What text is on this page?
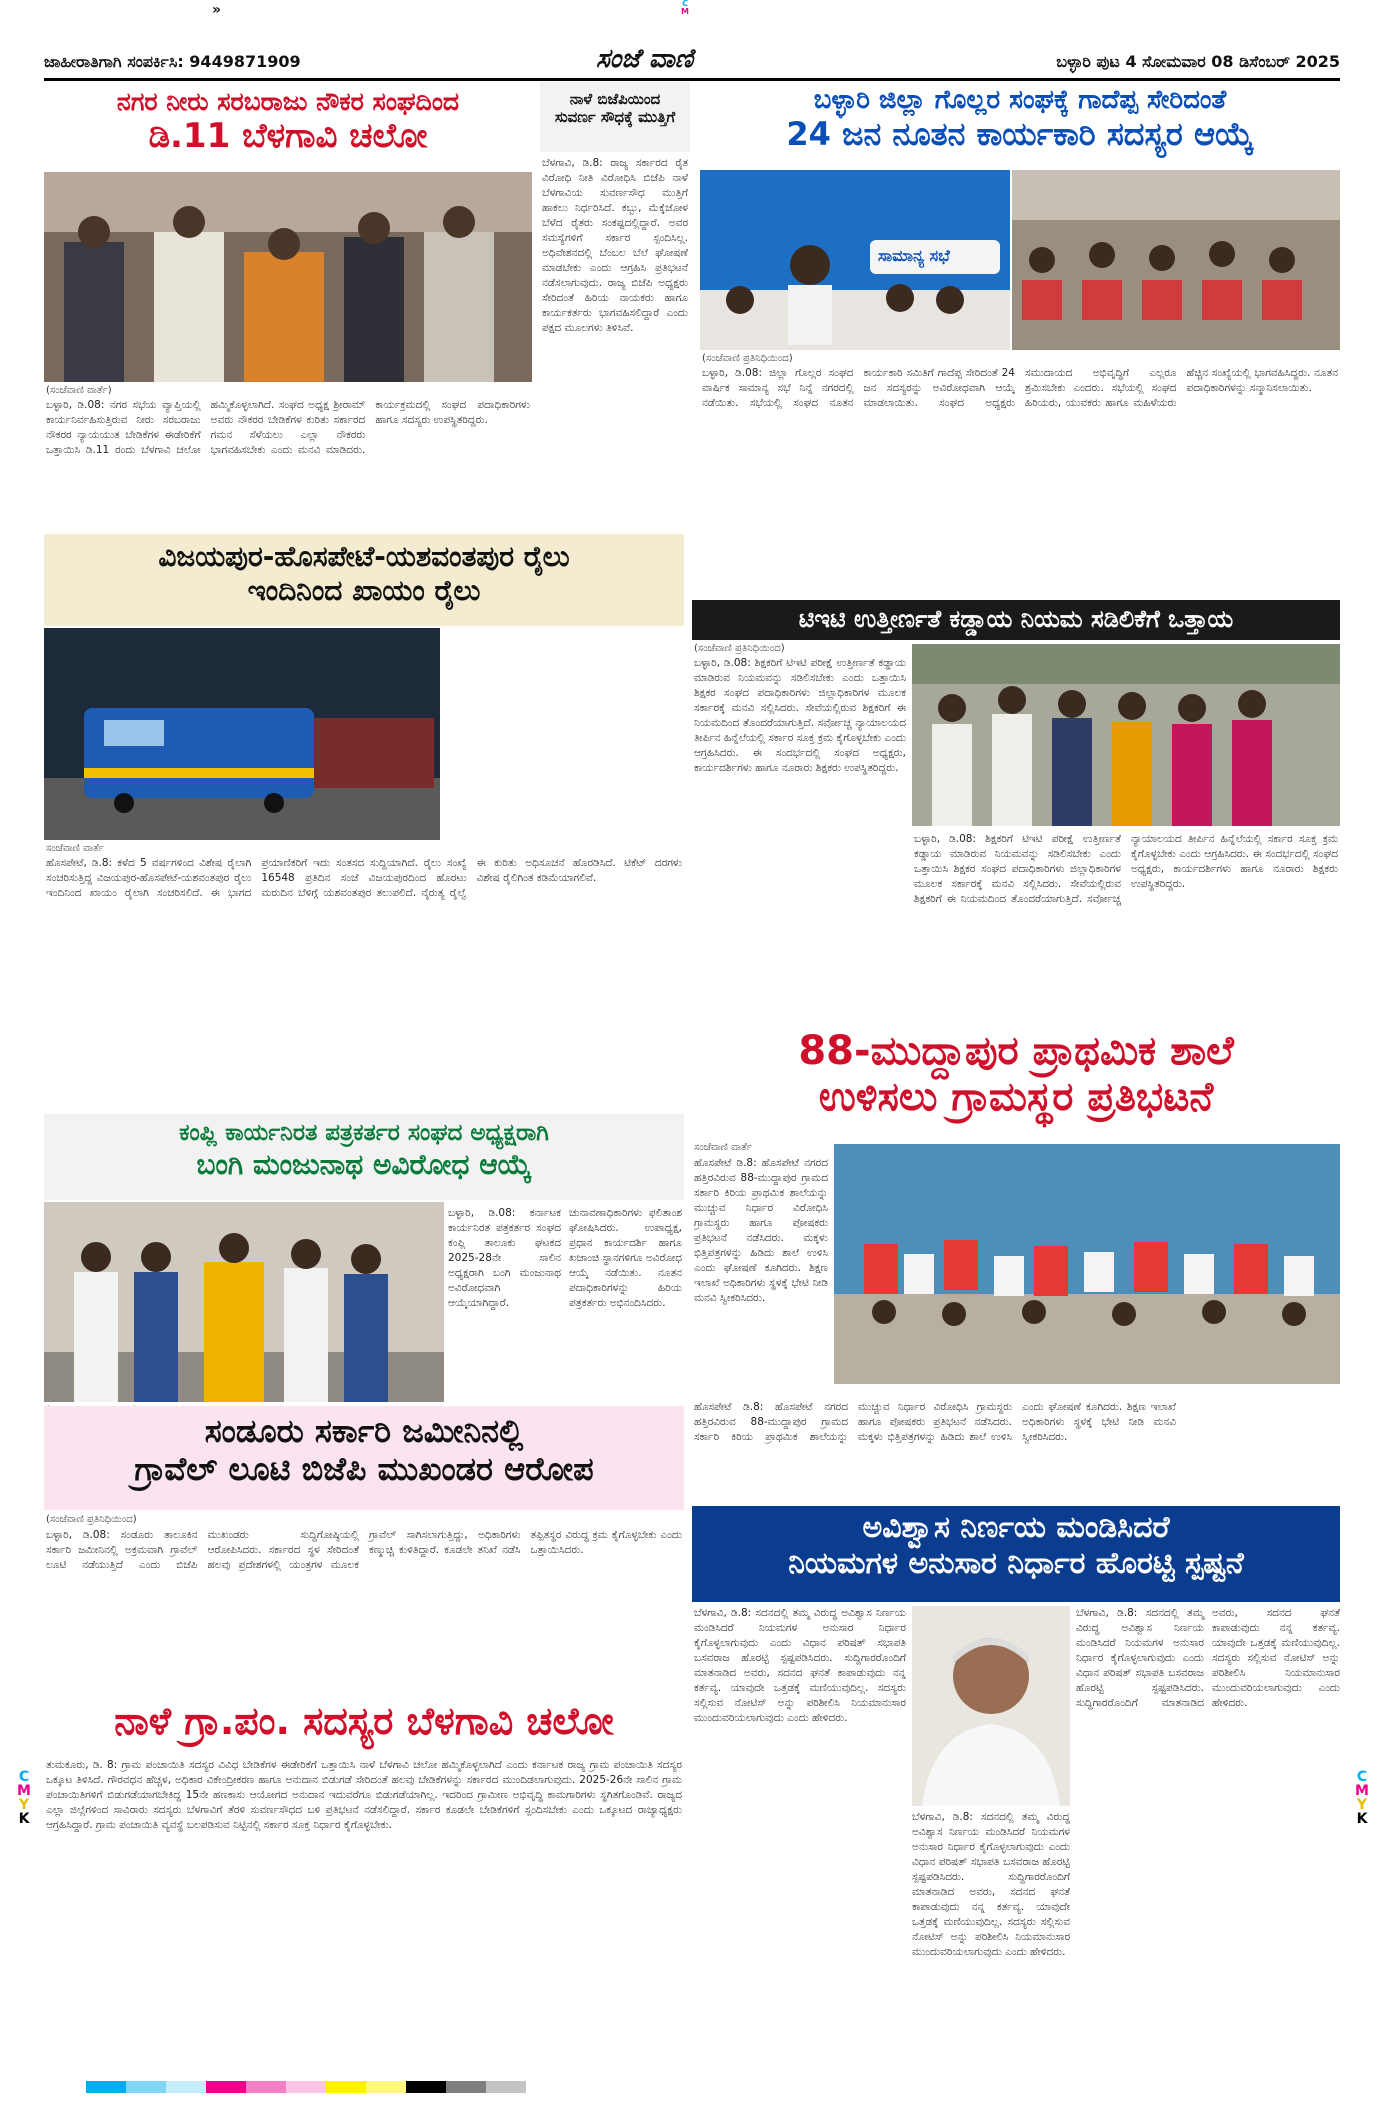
»	C
M
C
M
Y
K
C
M
Y
K
ಜಾಹೀರಾತಿಗಾಗಿ ಸಂಪರ್ಕಿಸಿ: 9449871909	ಸಂಜೆ ವಾಣಿ	ಬಳ್ಳಾರಿ ಪುಟ 4 ಸೋಮವಾರ 08 ಡಿಸೆಂಬರ್ 2025
ನಗರ ನೀರು ಸರಬರಾಜು ನೌಕರ ಸಂಘದಿಂದ
ಡಿ.11 ಬೆಳಗಾವಿ ಚಲೋ
(ಸಂಜೆವಾಣಿ ವಾರ್ತೆ)
ಬಳ್ಳಾರಿ, ಡಿ.08: ನಗರ ಸಭೆಯ ವ್ಯಾಪ್ತಿಯಲ್ಲಿ ಕಾರ್ಯನಿರ್ವಹಿಸುತ್ತಿರುವ ನೀರು ಸರಬರಾಜು ನೌಕರರ ನ್ಯಾಯಯುತ ಬೇಡಿಕೆಗಳ ಈಡೇರಿಕೆಗೆ ಒತ್ತಾಯಿಸಿ ಡಿ.11 ರಂದು ಬೆಳಗಾವಿ ಚಲೋ ಹಮ್ಮಿಕೊಳ್ಳಲಾಗಿದೆ. ಸಂಘದ ಅಧ್ಯಕ್ಷ ಶ್ರೀರಾಮ್ ಅವರು ನೌಕರರ ಬೇಡಿಕೆಗಳ ಕುರಿತು ಸರ್ಕಾರದ ಗಮನ ಸೆಳೆಯಲು ಎಲ್ಲಾ ನೌಕರರು ಭಾಗವಹಿಸಬೇಕು ಎಂದು ಮನವಿ ಮಾಡಿದರು. ಕಾರ್ಯಕ್ರಮದಲ್ಲಿ ಸಂಘದ ಪದಾಧಿಕಾರಿಗಳು ಹಾಗೂ ಸದಸ್ಯರು ಉಪಸ್ಥಿತರಿದ್ದರು.
ನಾಳೆ ಬಿಜೆಪಿಯಿಂದ
ಸುವರ್ಣ ಸೌಧಕ್ಕೆ ಮುತ್ತಿಗೆ
ಬೆಳಗಾವಿ, ಡಿ.8: ರಾಜ್ಯ ಸರ್ಕಾರದ ರೈತ ವಿರೋಧಿ ನೀತಿ ವಿರೋಧಿಸಿ ಬಿಜೆಪಿ ನಾಳೆ ಬೆಳಗಾವಿಯ ಸುವರ್ಣಸೌಧ ಮುತ್ತಿಗೆ ಹಾಕಲು ನಿರ್ಧರಿಸಿದೆ. ಕಬ್ಬು, ಮೆಕ್ಕೆಜೋಳ ಬೆಳೆದ ರೈತರು ಸಂಕಷ್ಟದಲ್ಲಿದ್ದಾರೆ. ಅವರ ಸಮಸ್ಯೆಗಳಿಗೆ ಸರ್ಕಾರ ಸ್ಪಂದಿಸಿಲ್ಲ. ಅಧಿವೇಶನದಲ್ಲಿ ಬೆಂಬಲ ಬೆಲೆ ಘೋಷಣೆ ಮಾಡಬೇಕು ಎಂದು ಆಗ್ರಹಿಸಿ ಪ್ರತಿಭಟನೆ ನಡೆಸಲಾಗುವುದು. ರಾಜ್ಯ ಬಿಜೆಪಿ ಅಧ್ಯಕ್ಷರು ಸೇರಿದಂತೆ ಹಿರಿಯ ನಾಯಕರು ಹಾಗೂ ಕಾರ್ಯಕರ್ತರು ಭಾಗವಹಿಸಲಿದ್ದಾರೆ ಎಂದು ಪಕ್ಷದ ಮೂಲಗಳು ತಿಳಿಸಿವೆ.
ಬಳ್ಳಾರಿ ಜಿಲ್ಲಾ ಗೊಲ್ಲರ ಸಂಘಕ್ಕೆ ಗಾದೆಪ್ಪ ಸೇರಿದಂತೆ
24 ಜನ ನೂತನ ಕಾರ್ಯಕಾರಿ ಸದಸ್ಯರ ಆಯ್ಕೆ
ಸಾಮಾನ್ಯ ಸಭೆ
(ಸಂಜೆವಾಣಿ ಪ್ರತಿನಿಧಿಯಿಂದ)
ಬಳ್ಳಾರಿ, ಡಿ.08: ಜಿಲ್ಲಾ ಗೊಲ್ಲರ ಸಂಘದ ವಾರ್ಷಿಕ ಸಾಮಾನ್ಯ ಸಭೆ ನಿನ್ನೆ ನಗರದಲ್ಲಿ ನಡೆಯಿತು. ಸಭೆಯಲ್ಲಿ ಸಂಘದ ನೂತನ ಕಾರ್ಯಕಾರಿ ಸಮಿತಿಗೆ ಗಾದೆಪ್ಪ ಸೇರಿದಂತೆ 24 ಜನ ಸದಸ್ಯರನ್ನು ಅವಿರೋಧವಾಗಿ ಆಯ್ಕೆ ಮಾಡಲಾಯಿತು. ಸಂಘದ ಅಧ್ಯಕ್ಷರು ಸಮುದಾಯದ ಅಭಿವೃದ್ಧಿಗೆ ಎಲ್ಲರೂ ಶ್ರಮಿಸಬೇಕು ಎಂದರು. ಸಭೆಯಲ್ಲಿ ಸಂಘದ ಹಿರಿಯರು, ಯುವಕರು ಹಾಗೂ ಮಹಿಳೆಯರು ಹೆಚ್ಚಿನ ಸಂಖ್ಯೆಯಲ್ಲಿ ಭಾಗವಹಿಸಿದ್ದರು. ನೂತನ ಪದಾಧಿಕಾರಿಗಳನ್ನು ಸನ್ಮಾನಿಸಲಾಯಿತು.
ವಿಜಯಪುರ-ಹೊಸಪೇಟೆ-ಯಶವಂತಪುರ ರೈಲು
ಇಂದಿನಿಂದ ಖಾಯಂ ರೈಲು
ಸಂಜೆವಾಣಿ ವಾರ್ತೆ
ಹೊಸಪೇಟೆ, ಡಿ.8: ಕಳೆದ 5 ವರ್ಷಗಳಿಂದ ವಿಶೇಷ ರೈಲಾಗಿ ಸಂಚರಿಸುತ್ತಿದ್ದ ವಿಜಯಪುರ-ಹೊಸಪೇಟೆ-ಯಶವಂತಪುರ ರೈಲು ಇಂದಿನಿಂದ ಖಾಯಂ ರೈಲಾಗಿ ಸಂಚರಿಸಲಿದೆ. ಈ ಭಾಗದ ಪ್ರಯಾಣಿಕರಿಗೆ ಇದು ಸಂತಸದ ಸುದ್ದಿಯಾಗಿದೆ. ರೈಲು ಸಂಖ್ಯೆ 16548 ಪ್ರತಿದಿನ ಸಂಜೆ ವಿಜಯಪುರದಿಂದ ಹೊರಟು ಮರುದಿನ ಬೆಳಿಗ್ಗೆ ಯಶವಂತಪುರ ತಲುಪಲಿದೆ. ನೈರುತ್ಯ ರೈಲ್ವೆ ಈ ಕುರಿತು ಅಧಿಸೂಚನೆ ಹೊರಡಿಸಿದೆ. ಟಿಕೆಟ್ ದರಗಳು ವಿಶೇಷ ರೈಲಿಗಿಂತ ಕಡಿಮೆಯಾಗಲಿವೆ.
ಟಿಇಟಿ ಉತ್ತೀರ್ಣತೆ ಕಡ್ಡಾಯ ನಿಯಮ ಸಡಿಲಿಕೆಗೆ ಒತ್ತಾಯ
(ಸಂಜೆವಾಣಿ ಪ್ರತಿನಿಧಿಯಿಂದ)
ಬಳ್ಳಾರಿ, ಡಿ.08: ಶಿಕ್ಷಕರಿಗೆ ಟಿಇಟಿ ಪರೀಕ್ಷೆ ಉತ್ತೀರ್ಣತೆ ಕಡ್ಡಾಯ ಮಾಡಿರುವ ನಿಯಮವನ್ನು ಸಡಿಲಿಸಬೇಕು ಎಂದು ಒತ್ತಾಯಿಸಿ ಶಿಕ್ಷಕರ ಸಂಘದ ಪದಾಧಿಕಾರಿಗಳು ಜಿಲ್ಲಾಧಿಕಾರಿಗಳ ಮೂಲಕ ಸರ್ಕಾರಕ್ಕೆ ಮನವಿ ಸಲ್ಲಿಸಿದರು. ಸೇವೆಯಲ್ಲಿರುವ ಶಿಕ್ಷಕರಿಗೆ ಈ ನಿಯಮದಿಂದ ತೊಂದರೆಯಾಗುತ್ತಿದೆ. ಸರ್ವೋಚ್ಚ ನ್ಯಾಯಾಲಯದ ತೀರ್ಪಿನ ಹಿನ್ನೆಲೆಯಲ್ಲಿ ಸರ್ಕಾರ ಸೂಕ್ತ ಕ್ರಮ ಕೈಗೊಳ್ಳಬೇಕು ಎಂದು ಆಗ್ರಹಿಸಿದರು. ಈ ಸಂದರ್ಭದಲ್ಲಿ ಸಂಘದ ಅಧ್ಯಕ್ಷರು, ಕಾರ್ಯದರ್ಶಿಗಳು ಹಾಗೂ ನೂರಾರು ಶಿಕ್ಷಕರು ಉಪಸ್ಥಿತರಿದ್ದರು.
ಬಳ್ಳಾರಿ, ಡಿ.08: ಶಿಕ್ಷಕರಿಗೆ ಟಿಇಟಿ ಪರೀಕ್ಷೆ ಉತ್ತೀರ್ಣತೆ ಕಡ್ಡಾಯ ಮಾಡಿರುವ ನಿಯಮವನ್ನು ಸಡಿಲಿಸಬೇಕು ಎಂದು ಒತ್ತಾಯಿಸಿ ಶಿಕ್ಷಕರ ಸಂಘದ ಪದಾಧಿಕಾರಿಗಳು ಜಿಲ್ಲಾಧಿಕಾರಿಗಳ ಮೂಲಕ ಸರ್ಕಾರಕ್ಕೆ ಮನವಿ ಸಲ್ಲಿಸಿದರು. ಸೇವೆಯಲ್ಲಿರುವ ಶಿಕ್ಷಕರಿಗೆ ಈ ನಿಯಮದಿಂದ ತೊಂದರೆಯಾಗುತ್ತಿದೆ. ಸರ್ವೋಚ್ಚ ನ್ಯಾಯಾಲಯದ ತೀರ್ಪಿನ ಹಿನ್ನೆಲೆಯಲ್ಲಿ ಸರ್ಕಾರ ಸೂಕ್ತ ಕ್ರಮ ಕೈಗೊಳ್ಳಬೇಕು ಎಂದು ಆಗ್ರಹಿಸಿದರು. ಈ ಸಂದರ್ಭದಲ್ಲಿ ಸಂಘದ ಅಧ್ಯಕ್ಷರು, ಕಾರ್ಯದರ್ಶಿಗಳು ಹಾಗೂ ನೂರಾರು ಶಿಕ್ಷಕರು ಉಪಸ್ಥಿತರಿದ್ದರು.
ಕಂಪ್ಲಿ ಕಾರ್ಯನಿರತ ಪತ್ರಕರ್ತರ ಸಂಘದ ಅಧ್ಯಕ್ಷರಾಗಿ
ಬಂಗಿ ಮಂಜುನಾಥ ಅವಿರೋಧ ಆಯ್ಕೆ
ಬಳ್ಳಾರಿ, ಡಿ.08: ಕರ್ನಾಟಕ ಕಾರ್ಯನಿರತ ಪತ್ರಕರ್ತರ ಸಂಘದ ಕಂಪ್ಲಿ ತಾಲೂಕು ಘಟಕದ 2025-28ನೇ ಸಾಲಿನ ಅಧ್ಯಕ್ಷರಾಗಿ ಬಂಗಿ ಮಂಜುನಾಥ ಅವಿರೋಧವಾಗಿ ಆಯ್ಕೆಯಾಗಿದ್ದಾರೆ. ಚುನಾವಣಾಧಿಕಾರಿಗಳು ಫಲಿತಾಂಶ ಘೋಷಿಸಿದರು. ಉಪಾಧ್ಯಕ್ಷ, ಪ್ರಧಾನ ಕಾರ್ಯದರ್ಶಿ ಹಾಗೂ ಖಜಾಂಚಿ ಸ್ಥಾನಗಳಿಗೂ ಅವಿರೋಧ ಆಯ್ಕೆ ನಡೆಯಿತು. ನೂತನ ಪದಾಧಿಕಾರಿಗಳನ್ನು ಹಿರಿಯ ಪತ್ರಕರ್ತರು ಅಭಿನಂದಿಸಿದರು.
88-ಮುದ್ದಾಪುರ ಪ್ರಾಥಮಿಕ ಶಾಲೆ
ಉಳಿಸಲು ಗ್ರಾಮಸ್ಥರ ಪ್ರತಿಭಟನೆ
ಸಂಜೆವಾಣಿ ವಾರ್ತೆ
ಹೊಸಪೇಟೆ ಡಿ.8: ಹೊಸಪೇಟೆ ನಗರದ ಹತ್ತಿರವಿರುವ 88-ಮುದ್ದಾಪುರ ಗ್ರಾಮದ ಸರ್ಕಾರಿ ಕಿರಿಯ ಪ್ರಾಥಮಿಕ ಶಾಲೆಯನ್ನು ಮುಚ್ಚುವ ನಿರ್ಧಾರ ವಿರೋಧಿಸಿ ಗ್ರಾಮಸ್ಥರು ಹಾಗೂ ಪೋಷಕರು ಪ್ರತಿಭಟನೆ ನಡೆಸಿದರು. ಮಕ್ಕಳು ಭಿತ್ತಿಪತ್ರಗಳನ್ನು ಹಿಡಿದು ಶಾಲೆ ಉಳಿಸಿ ಎಂದು ಘೋಷಣೆ ಕೂಗಿದರು. ಶಿಕ್ಷಣ ಇಲಾಖೆ ಅಧಿಕಾರಿಗಳು ಸ್ಥಳಕ್ಕೆ ಭೇಟಿ ನೀಡಿ ಮನವಿ ಸ್ವೀಕರಿಸಿದರು.
ಹೊಸಪೇಟೆ ಡಿ.8: ಹೊಸಪೇಟೆ ನಗರದ ಹತ್ತಿರವಿರುವ 88-ಮುದ್ದಾಪುರ ಗ್ರಾಮದ ಸರ್ಕಾರಿ ಕಿರಿಯ ಪ್ರಾಥಮಿಕ ಶಾಲೆಯನ್ನು ಮುಚ್ಚುವ ನಿರ್ಧಾರ ವಿರೋಧಿಸಿ ಗ್ರಾಮಸ್ಥರು ಹಾಗೂ ಪೋಷಕರು ಪ್ರತಿಭಟನೆ ನಡೆಸಿದರು. ಮಕ್ಕಳು ಭಿತ್ತಿಪತ್ರಗಳನ್ನು ಹಿಡಿದು ಶಾಲೆ ಉಳಿಸಿ ಎಂದು ಘೋಷಣೆ ಕೂಗಿದರು. ಶಿಕ್ಷಣ ಇಲಾಖೆ ಅಧಿಕಾರಿಗಳು ಸ್ಥಳಕ್ಕೆ ಭೇಟಿ ನೀಡಿ ಮನವಿ ಸ್ವೀಕರಿಸಿದರು.
ಸಂಡೂರು ಸರ್ಕಾರಿ ಜಮೀನಿನಲ್ಲಿ
ಗ್ರಾವೆಲ್ ಲೂಟಿ ಬಿಜೆಪಿ ಮುಖಂಡರ ಆರೋಪ
(ಸಂಜೆವಾಣಿ ಪ್ರತಿನಿಧಿಯಿಂದ)
ಬಳ್ಳಾರಿ, ಡಿ.08: ಸಂಡೂರು ತಾಲೂಕಿನ ಸರ್ಕಾರಿ ಜಮೀನಿನಲ್ಲಿ ಅಕ್ರಮವಾಗಿ ಗ್ರಾವೆಲ್ ಲೂಟಿ ನಡೆಯುತ್ತಿದೆ ಎಂದು ಬಿಜೆಪಿ ಮುಖಂಡರು ಸುದ್ದಿಗೋಷ್ಠಿಯಲ್ಲಿ ಆರೋಪಿಸಿದರು. ಸರ್ಕಾರದ ಸ್ಥಳ ಸೇರಿದಂತೆ ಹಲವು ಪ್ರದೇಶಗಳಲ್ಲಿ ಯಂತ್ರಗಳ ಮೂಲಕ ಗ್ರಾವೆಲ್ ಸಾಗಿಸಲಾಗುತ್ತಿದ್ದು, ಅಧಿಕಾರಿಗಳು ಕಣ್ಮುಚ್ಚಿ ಕುಳಿತಿದ್ದಾರೆ. ಕೂಡಲೇ ತನಿಖೆ ನಡೆಸಿ ತಪ್ಪಿತಸ್ಥರ ವಿರುದ್ಧ ಕ್ರಮ ಕೈಗೊಳ್ಳಬೇಕು ಎಂದು ಒತ್ತಾಯಿಸಿದರು.
ಅವಿಶ್ವಾಸ ನಿರ್ಣಯ ಮಂಡಿಸಿದರೆ
ನಿಯಮಗಳ ಅನುಸಾರ ನಿರ್ಧಾರ ಹೊರಟ್ಟಿ ಸ್ಪಷ್ಟನೆ
ಬೆಳಗಾವಿ, ಡಿ.8: ಸದನದಲ್ಲಿ ತಮ್ಮ ವಿರುದ್ಧ ಅವಿಶ್ವಾಸ ನಿರ್ಣಯ ಮಂಡಿಸಿದರೆ ನಿಯಮಗಳ ಅನುಸಾರ ನಿರ್ಧಾರ ಕೈಗೊಳ್ಳಲಾಗುವುದು ಎಂದು ವಿಧಾನ ಪರಿಷತ್ ಸಭಾಪತಿ ಬಸವರಾಜ ಹೊರಟ್ಟಿ ಸ್ಪಷ್ಟಪಡಿಸಿದರು. ಸುದ್ದಿಗಾರರೊಂದಿಗೆ ಮಾತನಾಡಿದ ಅವರು, ಸದನದ ಘನತೆ ಕಾಪಾಡುವುದು ನನ್ನ ಕರ್ತವ್ಯ. ಯಾವುದೇ ಒತ್ತಡಕ್ಕೆ ಮಣಿಯುವುದಿಲ್ಲ. ಸದಸ್ಯರು ಸಲ್ಲಿಸುವ ನೋಟಿಸ್ ಅನ್ನು ಪರಿಶೀಲಿಸಿ ನಿಯಮಾನುಸಾರ ಮುಂದುವರಿಯಲಾಗುವುದು ಎಂದು ಹೇಳಿದರು.
ಬೆಳಗಾವಿ, ಡಿ.8: ಸದನದಲ್ಲಿ ತಮ್ಮ ವಿರುದ್ಧ ಅವಿಶ್ವಾಸ ನಿರ್ಣಯ ಮಂಡಿಸಿದರೆ ನಿಯಮಗಳ ಅನುಸಾರ ನಿರ್ಧಾರ ಕೈಗೊಳ್ಳಲಾಗುವುದು ಎಂದು ವಿಧಾನ ಪರಿಷತ್ ಸಭಾಪತಿ ಬಸವರಾಜ ಹೊರಟ್ಟಿ ಸ್ಪಷ್ಟಪಡಿಸಿದರು. ಸುದ್ದಿಗಾರರೊಂದಿಗೆ ಮಾತನಾಡಿದ ಅವರು, ಸದನದ ಘನತೆ ಕಾಪಾಡುವುದು ನನ್ನ ಕರ್ತವ್ಯ. ಯಾವುದೇ ಒತ್ತಡಕ್ಕೆ ಮಣಿಯುವುದಿಲ್ಲ. ಸದಸ್ಯರು ಸಲ್ಲಿಸುವ ನೋಟಿಸ್ ಅನ್ನು ಪರಿಶೀಲಿಸಿ ನಿಯಮಾನುಸಾರ ಮುಂದುವರಿಯಲಾಗುವುದು ಎಂದು ಹೇಳಿದರು.
ಬೆಳಗಾವಿ, ಡಿ.8: ಸದನದಲ್ಲಿ ತಮ್ಮ ವಿರುದ್ಧ ಅವಿಶ್ವಾಸ ನಿರ್ಣಯ ಮಂಡಿಸಿದರೆ ನಿಯಮಗಳ ಅನುಸಾರ ನಿರ್ಧಾರ ಕೈಗೊಳ್ಳಲಾಗುವುದು ಎಂದು ವಿಧಾನ ಪರಿಷತ್ ಸಭಾಪತಿ ಬಸವರಾಜ ಹೊರಟ್ಟಿ ಸ್ಪಷ್ಟಪಡಿಸಿದರು. ಸುದ್ದಿಗಾರರೊಂದಿಗೆ ಮಾತನಾಡಿದ ಅವರು, ಸದನದ ಘನತೆ ಕಾಪಾಡುವುದು ನನ್ನ ಕರ್ತವ್ಯ. ಯಾವುದೇ ಒತ್ತಡಕ್ಕೆ ಮಣಿಯುವುದಿಲ್ಲ. ಸದಸ್ಯರು ಸಲ್ಲಿಸುವ ನೋಟಿಸ್ ಅನ್ನು ಪರಿಶೀಲಿಸಿ ನಿಯಮಾನುಸಾರ ಮುಂದುವರಿಯಲಾಗುವುದು ಎಂದು ಹೇಳಿದರು.
ನಾಳೆ ಗ್ರಾ.ಪಂ. ಸದಸ್ಯರ ಬೆಳಗಾವಿ ಚಲೋ
ತುಮಕೂರು, ಡಿ. 8: ಗ್ರಾಮ ಪಂಚಾಯಿತಿ ಸದಸ್ಯರ ವಿವಿಧ ಬೇಡಿಕೆಗಳ ಈಡೇರಿಕೆಗೆ ಒತ್ತಾಯಿಸಿ ನಾಳೆ ಬೆಳಗಾವಿ ಚಲೋ ಹಮ್ಮಿಕೊಳ್ಳಲಾಗಿದೆ ಎಂದು ಕರ್ನಾಟಕ ರಾಜ್ಯ ಗ್ರಾಮ ಪಂಚಾಯಿತಿ ಸದಸ್ಯರ ಒಕ್ಕೂಟ ತಿಳಿಸಿದೆ. ಗೌರವಧನ ಹೆಚ್ಚಳ, ಅಧಿಕಾರ ವಿಕೇಂದ್ರೀಕರಣ ಹಾಗೂ ಅನುದಾನ ಬಿಡುಗಡೆ ಸೇರಿದಂತೆ ಹಲವು ಬೇಡಿಕೆಗಳನ್ನು ಸರ್ಕಾರದ ಮುಂದಿಡಲಾಗುವುದು. 2025-26ನೇ ಸಾಲಿನ ಗ್ರಾಮ ಪಂಚಾಯಿತಿಗಳಿಗೆ ಬಿಡುಗಡೆಯಾಗಬೇಕಿದ್ದ 15ನೇ ಹಣಕಾಸು ಆಯೋಗದ ಅನುದಾನ ಇದುವರೆಗೂ ಬಿಡುಗಡೆಯಾಗಿಲ್ಲ. ಇದರಿಂದ ಗ್ರಾಮೀಣ ಅಭಿವೃದ್ಧಿ ಕಾಮಗಾರಿಗಳು ಸ್ಥಗಿತಗೊಂಡಿವೆ. ರಾಜ್ಯದ ಎಲ್ಲಾ ಜಿಲ್ಲೆಗಳಿಂದ ಸಾವಿರಾರು ಸದಸ್ಯರು ಬೆಳಗಾವಿಗೆ ತೆರಳಿ ಸುವರ್ಣಸೌಧದ ಬಳಿ ಪ್ರತಿಭಟನೆ ನಡೆಸಲಿದ್ದಾರೆ. ಸರ್ಕಾರ ಕೂಡಲೇ ಬೇಡಿಕೆಗಳಿಗೆ ಸ್ಪಂದಿಸಬೇಕು ಎಂದು ಒಕ್ಕೂಟದ ರಾಜ್ಯಾಧ್ಯಕ್ಷರು ಆಗ್ರಹಿಸಿದ್ದಾರೆ. ಗ್ರಾಮ ಪಂಚಾಯಿತಿ ವ್ಯವಸ್ಥೆ ಬಲಪಡಿಸುವ ನಿಟ್ಟಿನಲ್ಲಿ ಸರ್ಕಾರ ಸೂಕ್ತ ನಿರ್ಧಾರ ಕೈಗೊಳ್ಳಬೇಕು.
